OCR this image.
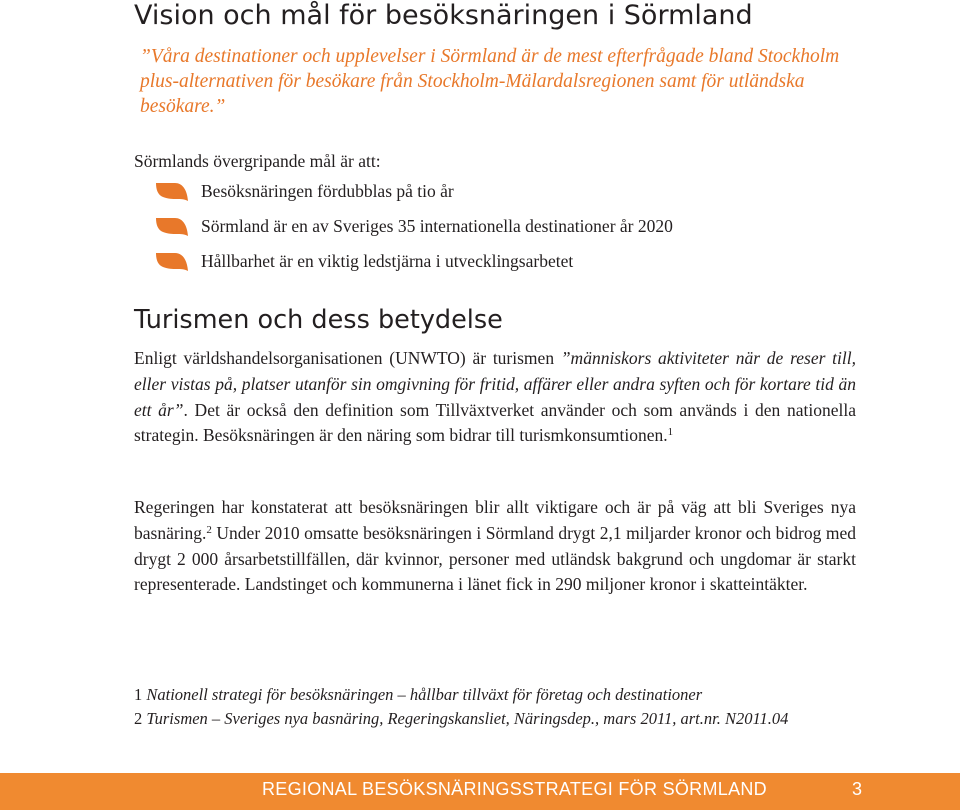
Vision och mål för besöksnäringen i Sörmland
”Våra destinationer och upplevelser i Sörmland är de mest efterfrågade bland Stockholm plus-alternativen för besökare från Stockholm-Mälardalsregionen samt för utländska besökare.”
Sörmlands övergripande mål är att:
Besöksnäringen fördubblas på tio år
Sörmland är en av Sveriges 35 internationella destinationer år 2020
Hållbarhet är en viktig ledstjärna i utvecklingsarbetet
Turismen och dess betydelse
Enligt världshandelsorganisationen (UNWTO) är turismen ”människors aktiviteter när de reser till, eller vistas på, platser utanför sin omgivning för fritid, affärer eller andra syften och för kortare tid än ett år”. Det är också den definition som Tillväxtverket använder och som används i den nationella strategin. Besöksnäringen är den näring som bidrar till turismkonsumtionen.$^1$
Regeringen har konstaterat att besöksnäringen blir allt viktigare och är på väg att bli Sveriges nya basnäring.$^2$ Under 2010 omsatte besöksnäringen i Sörmland drygt 2,1 miljarder kronor och bidrog med drygt 2 000 årsarbetstillfällen, där kvinnor, personer med utländsk bakgrund och ungdomar är starkt representerade. Landstinget och kommunerna i länet fick in 290 miljoner kronor i skatteintäkter.
1 Nationell strategi för besöksnäringen – hållbar tillväxt för företag och destinationer
2 Turismen – Sveriges nya basnäring, Regeringskansliet, Näringsdep., mars 2011, art.nr. N2011.04
REGIONAL BESÖKSNÄRINGSSTRATEGI FÖR SÖRMLAND	3
